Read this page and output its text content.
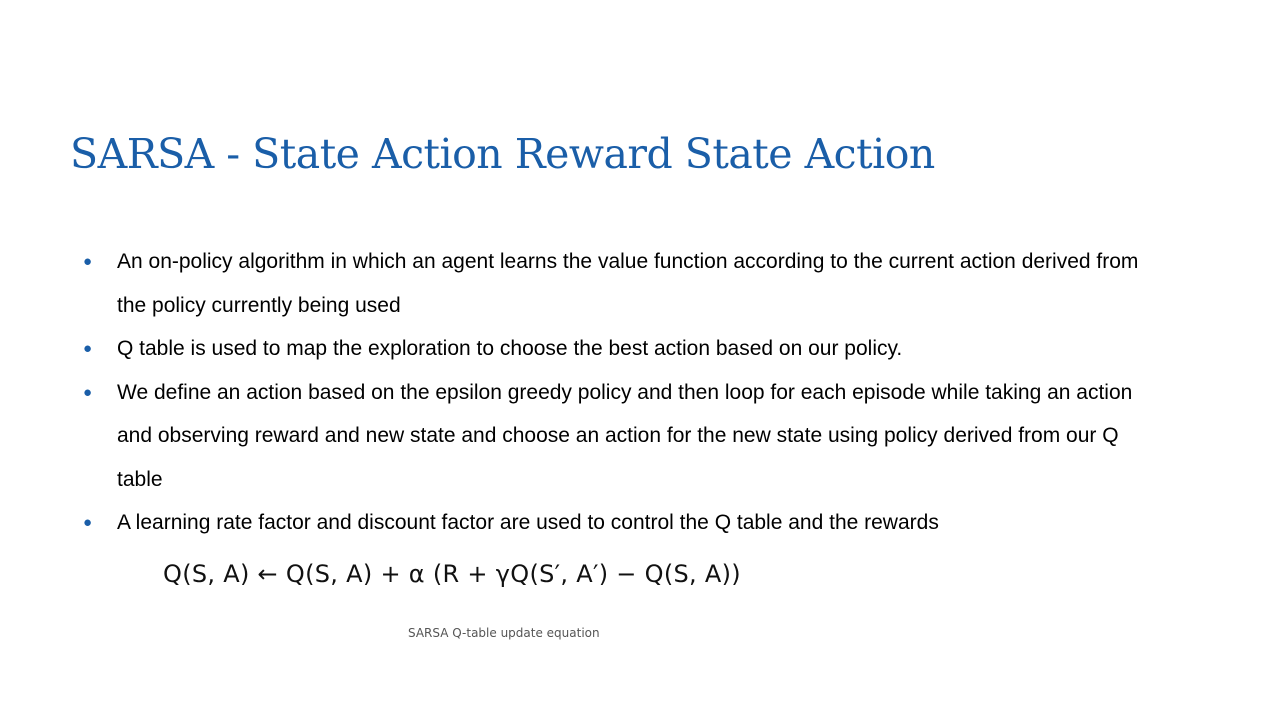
SARSA - State Action Reward State Action
● An on-policy algorithm in which an agent learns the value function according to the current action derived from the policy currently being used
● Q table is used to map the exploration to choose the best action based on our policy.
● We define an action based on the epsilon greedy policy and then loop for each episode while taking an action and observing reward and new state and choose an action for the new state using policy derived from our Q table
● A learning rate factor and discount factor are used to control the Q table and the rewards
Q(S, A) ← Q(S, A) + α (R + γQ(S′, A′) − Q(S, A))
SARSA Q-table update equation
